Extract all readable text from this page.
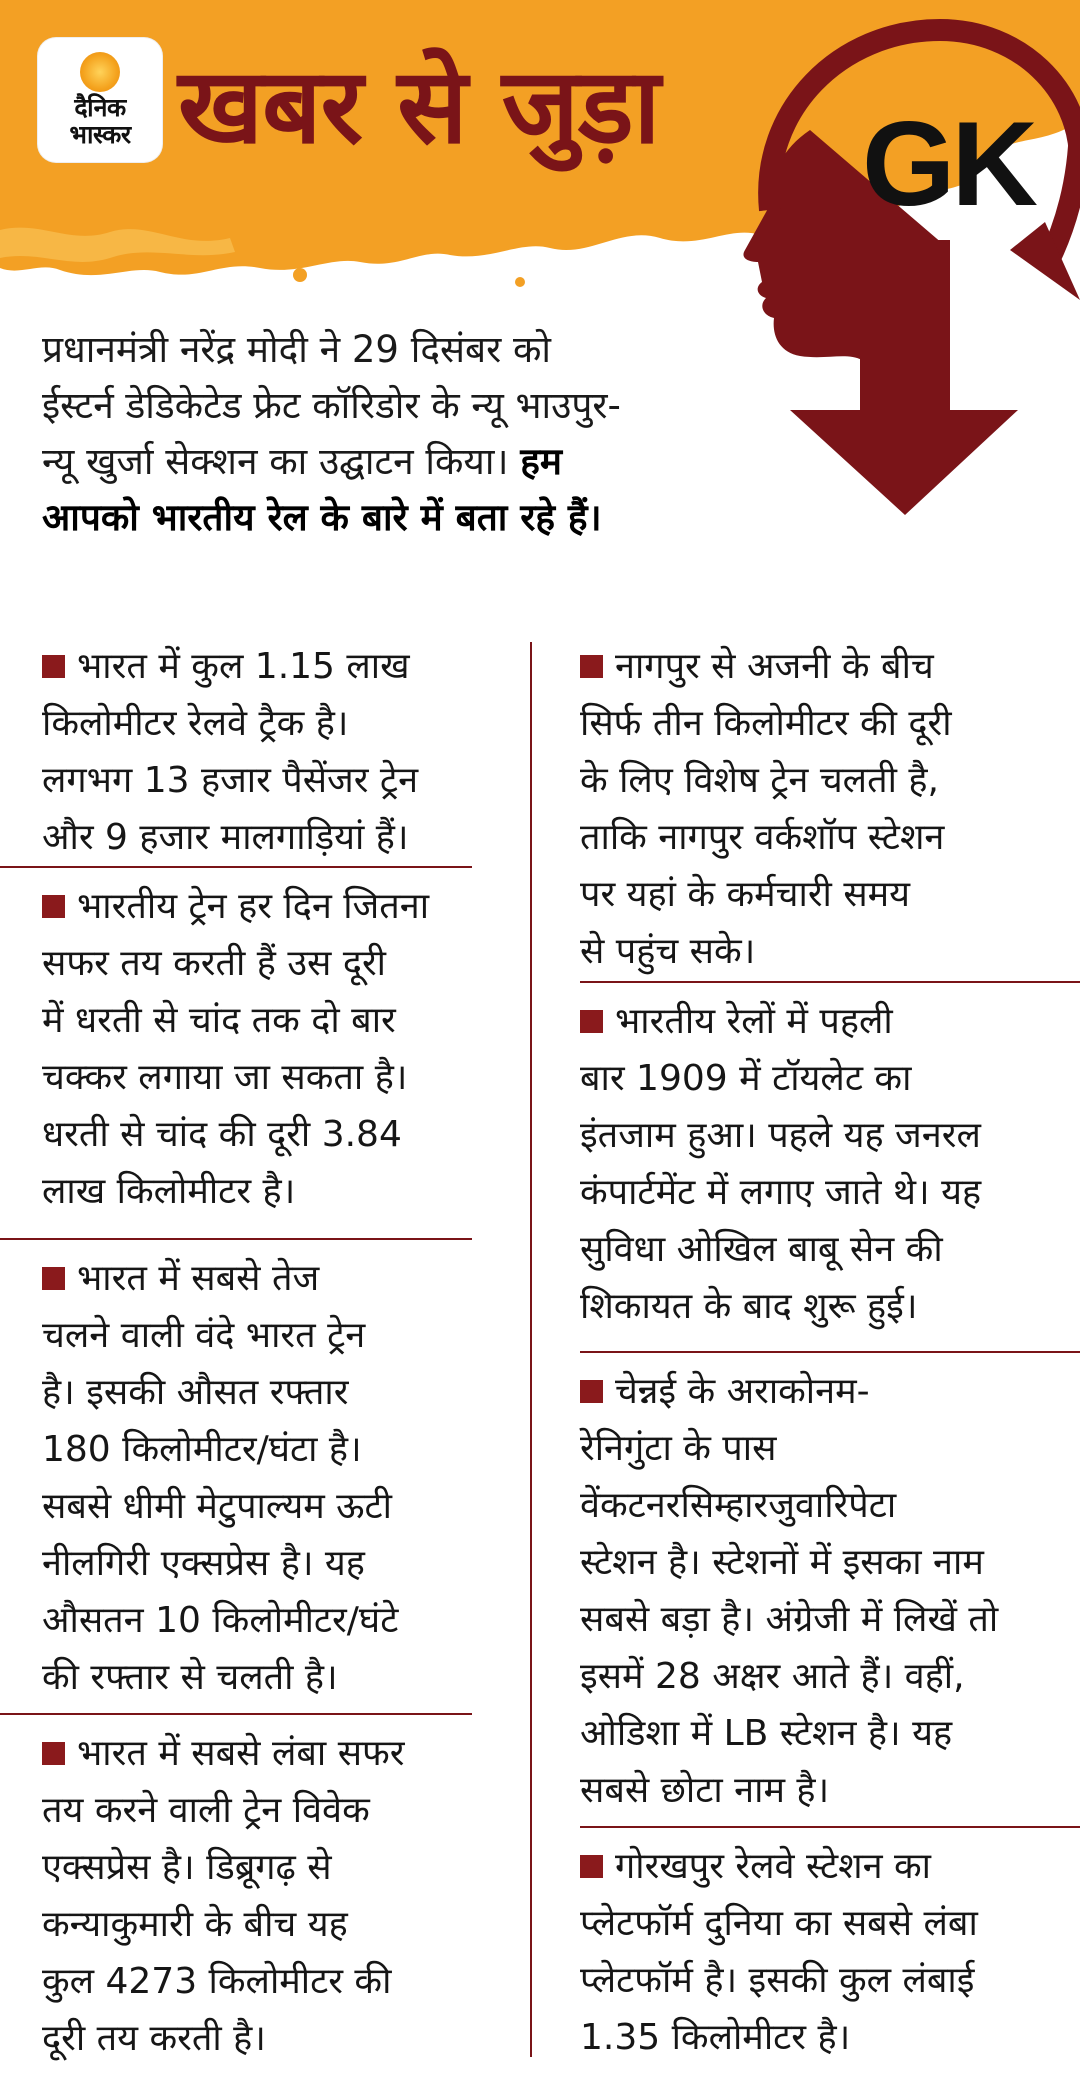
दैनिक
भास्कर खबर से जुड़ा GK
प्रधानमंत्री नरेंद्र मोदी ने 29 दिसंबर को
ईस्टर्न डेडिकेटेड फ्रेट कॉरिडोर के न्यू भाउपुर-
न्यू खुर्जा सेक्शन का उद्घाटन किया। हम
आपको भारतीय रेल के बारे में बता रहे हैं।
भारत में कुल 1.15 लाख
किलोमीटर रेलवे ट्रैक है।
लगभग 13 हजार पैसेंजर ट्रेन
और 9 हजार मालगाड़ियां हैं।
भारतीय ट्रेन हर दिन जितना
सफर तय करती हैं उस दूरी
में धरती से चांद तक दो बार
चक्कर लगाया जा सकता है।
धरती से चांद की दूरी 3.84
लाख किलोमीटर है।
भारत में सबसे तेज
चलने वाली वंदे भारत ट्रेन
है। इसकी औसत रफ्तार
180 किलोमीटर/घंटा है।
सबसे धीमी मेटुपाल्यम ऊटी
नीलगिरी एक्सप्रेस है। यह
औसतन 10 किलोमीटर/घंटे
की रफ्तार से चलती है।
भारत में सबसे लंबा सफर
तय करने वाली ट्रेन विवेक
एक्सप्रेस है। डिब्रूगढ़ से
कन्याकुमारी के बीच यह
कुल 4273 किलोमीटर की
दूरी तय करती है।
नागपुर से अजनी के बीच
सिर्फ तीन किलोमीटर की दूरी
के लिए विशेष ट्रेन चलती है,
ताकि नागपुर वर्कशॉप स्टेशन
पर यहां के कर्मचारी समय
से पहुंच सके।
भारतीय रेलों में पहली
बार 1909 में टॉयलेट का
इंतजाम हुआ। पहले यह जनरल
कंपार्टमेंट में लगाए जाते थे। यह
सुविधा ओखिल बाबू सेन की
शिकायत के बाद शुरू हुई।
चेन्नई के अराकोनम-
रेनिगुंटा के पास
वेंकटनरसिम्हारजुवारिपेटा
स्टेशन है। स्टेशनों में इसका नाम
सबसे बड़ा है। अंग्रेजी में लिखें तो
इसमें 28 अक्षर आते हैं। वहीं,
ओडिशा में LB स्टेशन है। यह
सबसे छोटा नाम है।
गोरखपुर रेलवे स्टेशन का
प्लेटफॉर्म दुनिया का सबसे लंबा
प्लेटफॉर्म है। इसकी कुल लंबाई
1.35 किलोमीटर है।
